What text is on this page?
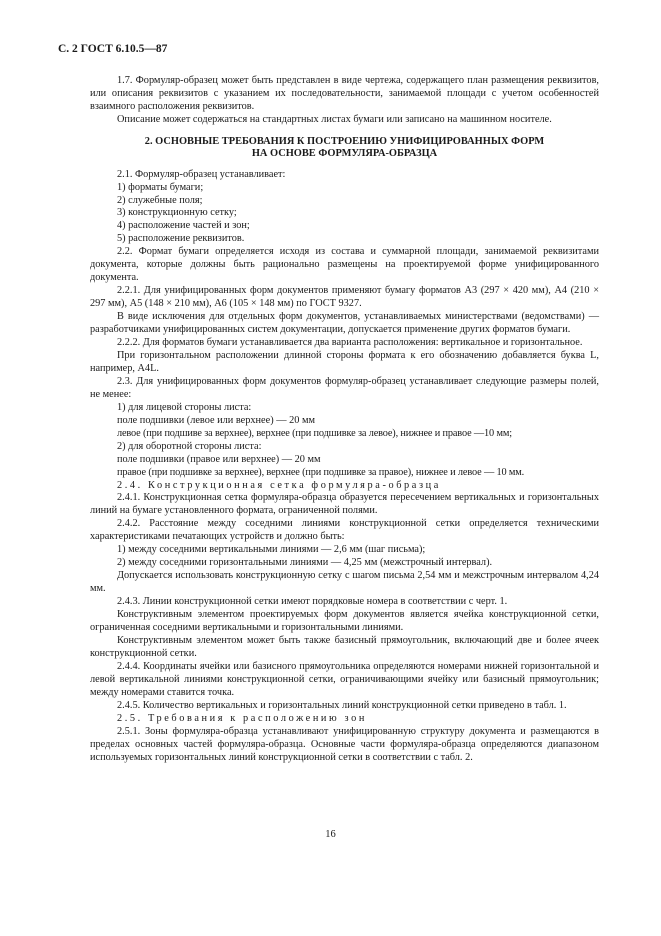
С. 2 ГОСТ 6.10.5—87

1.7. Формуляр-образец может быть представлен в виде чертежа, содержащего план размещения реквизитов, или описания реквизитов с указанием их последовательности, занимаемой площади с учетом особенностей взаимного расположения реквизитов.

Описание может содержаться на стандартных листах бумаги или записано на машинном носителе.

2. ОСНОВНЫЕ ТРЕБОВАНИЯ К ПОСТРОЕНИЮ УНИФИЦИРОВАННЫХ ФОРМ
НА ОСНОВЕ ФОРМУЛЯРА-ОБРАЗЦА

2.1. Формуляр-образец устанавливает:

1) форматы бумаги;

2) служебные поля;

3) конструкционную сетку;

4) расположение частей и зон;

5) расположение реквизитов.

2.2. Формат бумаги определяется исходя из состава и суммарной площади, занимаемой реквизитами документа, которые должны быть рационально размещены на проектируемой форме унифицированного документа.

2.2.1. Для унифицированных форм документов применяют бумагу форматов А3 (297 × 420 мм), А4 (210 × 297 мм), А5 (148 × 210 мм), А6 (105 × 148 мм) по ГОСТ 9327.

В виде исключения для отдельных форм документов, устанавливаемых министерствами (ведомствами) — разработчиками унифицированных систем документации, допускается применение других форматов бумаги.

2.2.2. Для форматов бумаги устанавливается два варианта расположения: вертикальное и горизонтальное.

При горизонтальном расположении длинной стороны формата к его обозначению добавляется буква L, например, A4L.

2.3. Для унифицированных форм документов формуляр-образец устанавливает следующие размеры полей, не менее:

1) для лицевой стороны листа:

поле подшивки (левое или верхнее) — 20 мм

левое (при подшиве за верхнее), верхнее (при подшивке за левое), нижнее и правое —10 мм;

2) для оборотной стороны листа:

поле подшивки (правое или верхнее) — 20 мм

правое (при подшивке за верхнее), верхнее (при подшивке за правое), нижнее и левое — 10 мм.

2.4. Конструкционная сетка формуляра-образца

2.4.1. Конструкционная сетка формуляра-образца образуется пересечением вертикальных и горизонтальных линий на бумаге установленного формата, ограниченной полями.

2.4.2. Расстояние между соседними линиями конструкционной сетки определяется техническими характеристиками печатающих устройств и должно быть:

1) между соседними вертикальными линиями — 2,6 мм (шаг письма);

2) между соседними горизонтальными линиями — 4,25 мм (межстрочный интервал).

Допускается использовать конструкционную сетку с шагом письма 2,54 мм и межстрочным интервалом 4,24 мм.

2.4.3. Линии конструкционной сетки имеют порядковые номера в соответствии с черт. 1.

Конструктивным элементом проектируемых форм документов является ячейка конструкционной сетки, ограниченная соседними вертикальными и горизонтальными линиями.

Конструктивным элементом может быть также базисный прямоугольник, включающий две и более ячеек конструкционной сетки.

2.4.4. Координаты ячейки или базисного прямоугольника определяются номерами нижней горизонтальной и левой вертикальной линиями конструкционной сетки, ограничивающими ячейку или базисный прямоугольник; между номерами ставится точка.

2.4.5. Количество вертикальных и горизонтальных линий конструкционной сетки приведено в табл. 1.

2.5. Требования к расположению зон

2.5.1. Зоны формуляра-образца устанавливают унифицированную структуру документа и размещаются в пределах основных частей формуляра-образца. Основные части формуляра-образца определяются диапазоном используемых горизонтальных линий конструкционной сетки в соответствии с табл. 2.

16
